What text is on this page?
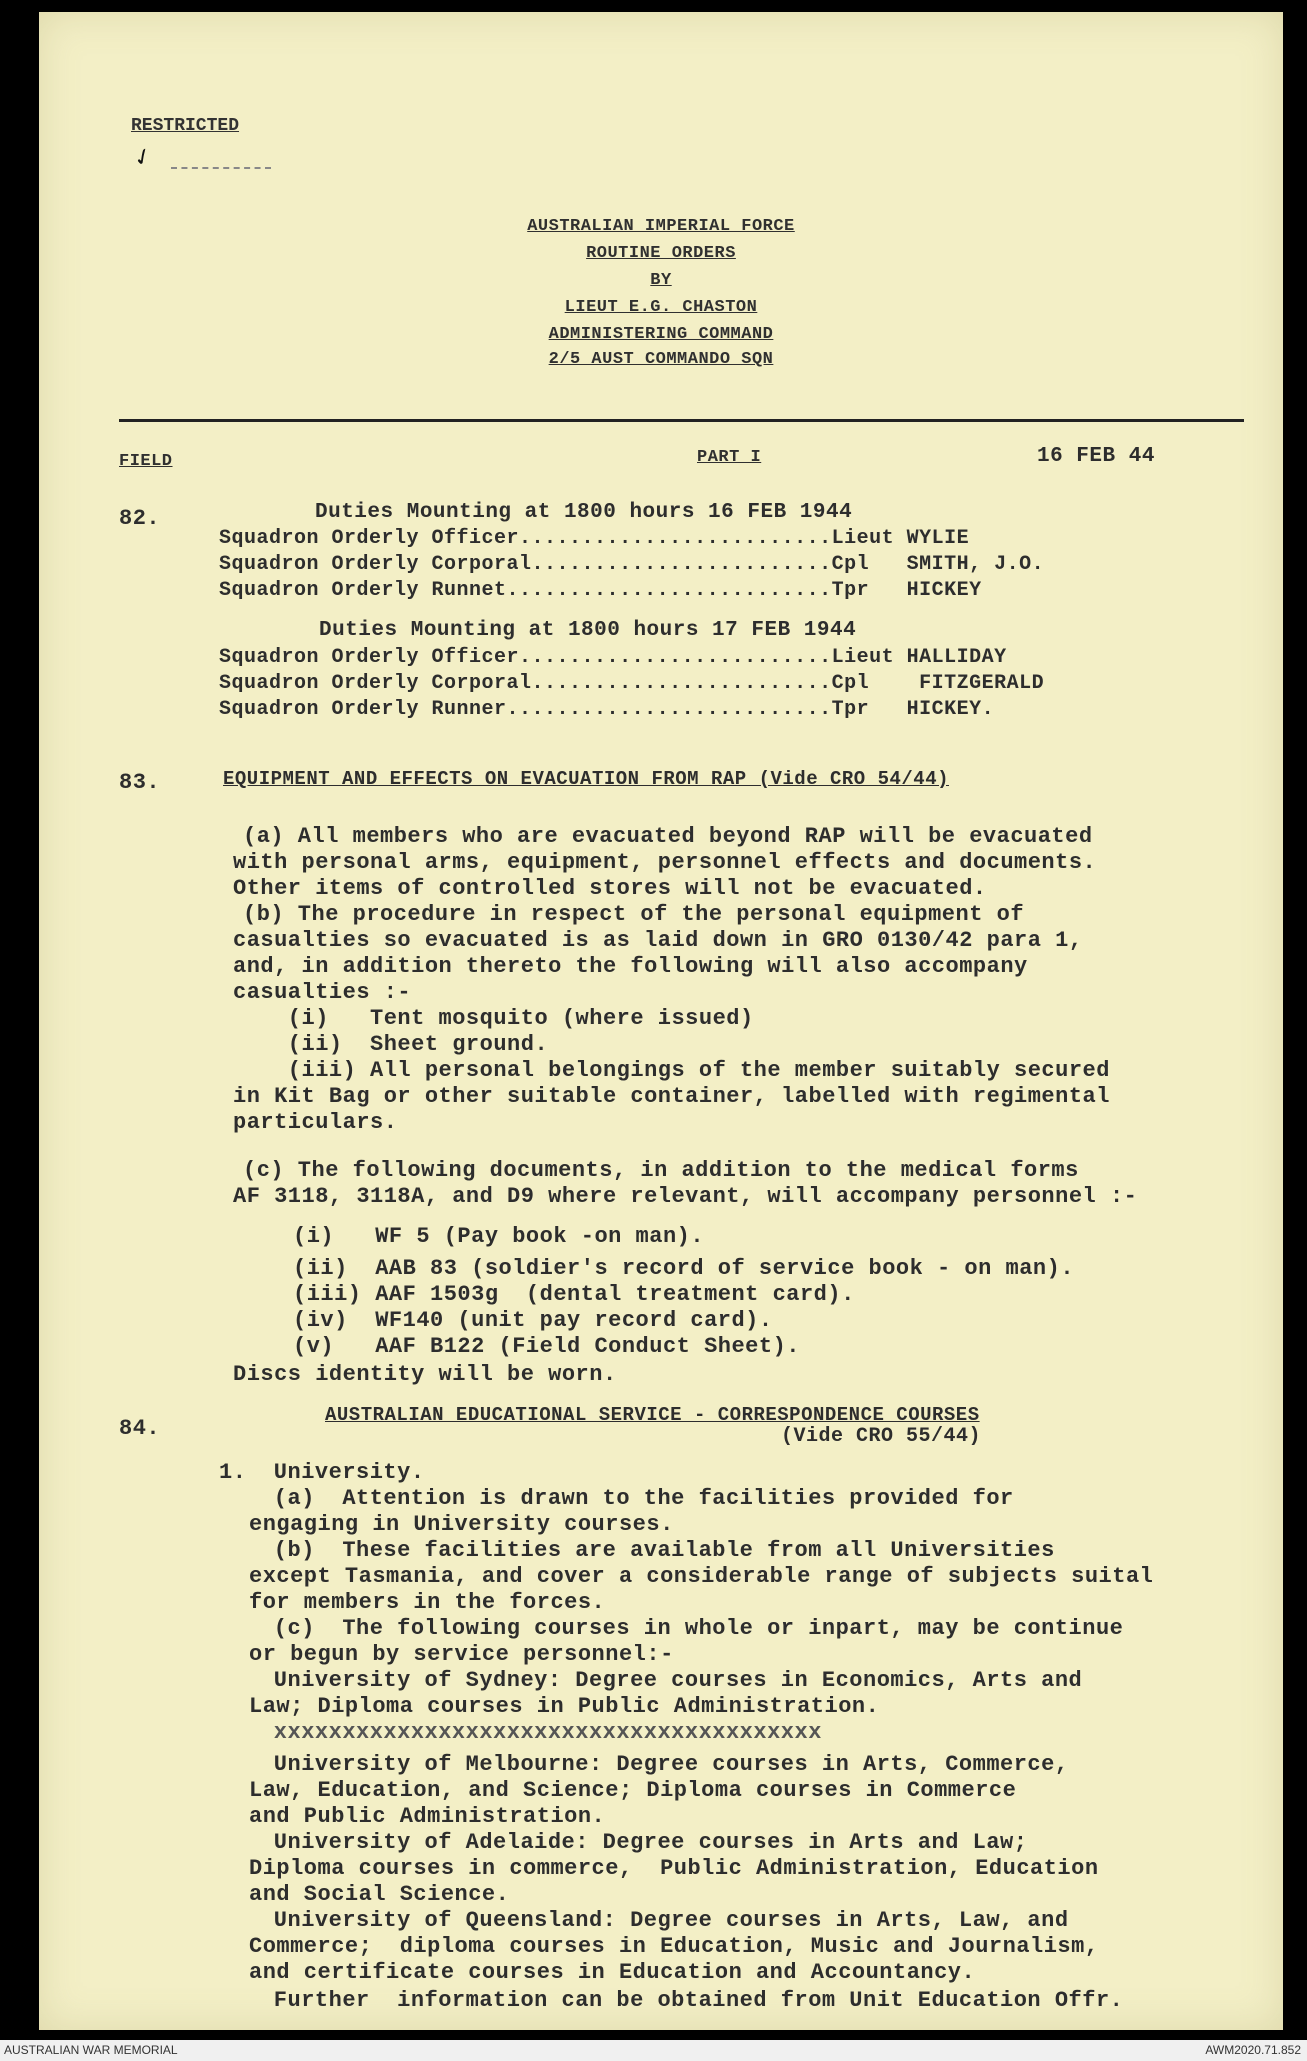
RESTRICTED
✓
AUSTRALIAN IMPERIAL FORCE
ROUTINE ORDERS
BY
LIEUT E.G. CHASTON
ADMINISTERING COMMAND
2/5 AUST COMMANDO SQN
FIELD	PART I	16 FEB 44
82.	Duties Mounting at 1800 hours 16 FEB 1944
Squadron Orderly Officer.........................Lieut WYLIE
Squadron Orderly Corporal........................Cpl   SMITH, J.O.
Squadron Orderly Runnet..........................Tpr   HICKEY
Duties Mounting at 1800 hours 17 FEB 1944
Squadron Orderly Officer.........................Lieut HALLIDAY
Squadron Orderly Corporal........................Cpl    FITZGERALD
Squadron Orderly Runner..........................Tpr   HICKEY.
83.	EQUIPMENT AND EFFECTS ON EVACUATION FROM RAP (Vide CRO 54/44)
(a) All members who are evacuated beyond RAP will be evacuated
with personal arms, equipment, personnel effects and documents.
Other items of controlled stores will not be evacuated.
(b) The procedure in respect of the personal equipment of
casualties so evacuated is as laid down in GRO 0130/42 para 1,
and, in addition thereto the following will also accompany
casualties :-
(i)   Tent mosquito (where issued)
(ii)  Sheet ground.
(iii) All personal belongings of the member suitably secured
in Kit Bag or other suitable container, labelled with regimental
particulars.
(c) The following documents, in addition to the medical forms
AF 3118, 3118A, and D9 where relevant, will accompany personnel :-
(i)   WF 5 (Pay book -on man).
(ii)  AAB 83 (soldier's record of service book - on man).
(iii) AAF 1503g  (dental treatment card).
(iv)  WF140 (unit pay record card).
(v)   AAF B122 (Field Conduct Sheet).
Discs identity will be worn.
84.
AUSTRALIAN EDUCATIONAL SERVICE - CORRESPONDENCE COURSES
(Vide CRO 55/44)
1.  University.
(a)  Attention is drawn to the facilities provided for
engaging in University courses.
(b)  These facilities are available from all Universities
except Tasmania, and cover a considerable range of subjects suital
for members in the forces.
(c)  The following courses in whole or inpart, may be continue
or begun by service personnel:-
University of Sydney: Degree courses in Economics, Arts and
Law; Diploma courses in Public Administration.
xxxxxxxxxxxxxxxxxxxxxxxxxxxxxxxxxxxxxxxx
University of Melbourne: Degree courses in Arts, Commerce,
Law, Education, and Science; Diploma courses in Commerce
and Public Administration.
University of Adelaide: Degree courses in Arts and Law;
Diploma courses in commerce,  Public Administration, Education
and Social Science.
University of Queensland: Degree courses in Arts, Law, and
Commerce;  diploma courses in Education, Music and Journalism,
and certificate courses in Education and Accountancy.
Further  information can be obtained from Unit Education Offr.
AUSTRALIAN WAR MEMORIAL	AWM2020.71.852
